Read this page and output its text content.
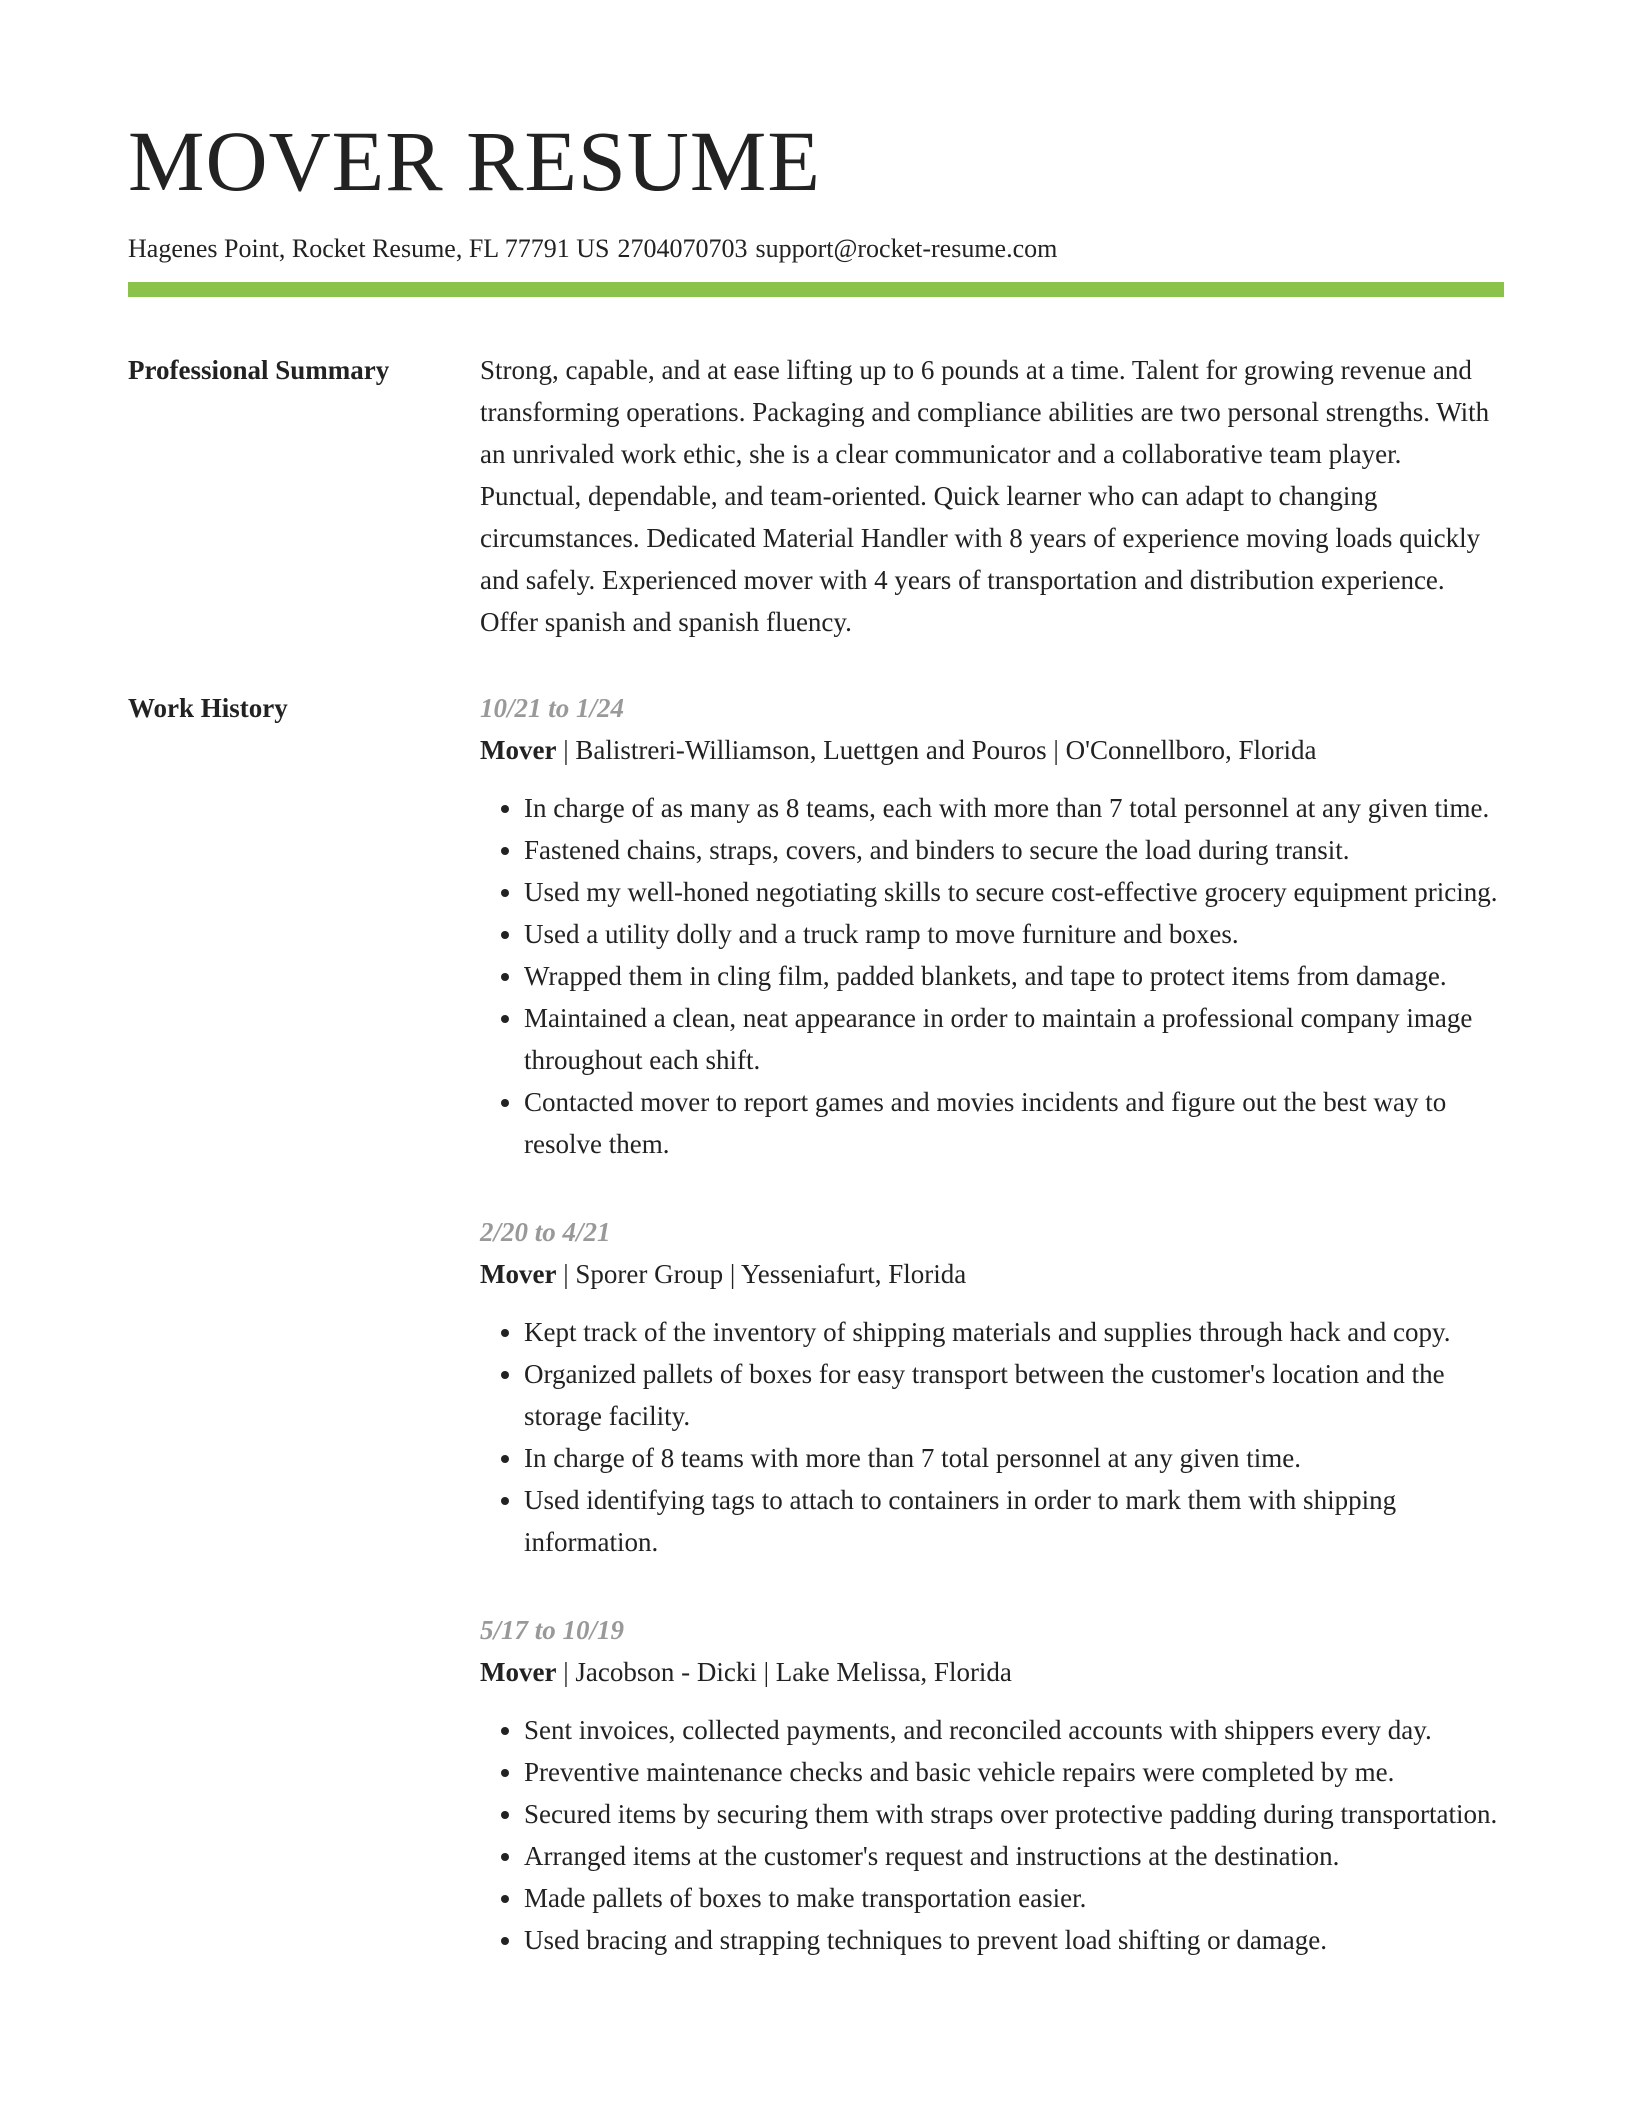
MOVER RESUME
Hagenes Point, Rocket Resume, FL 77791 US 2704070703 support@rocket-resume.com
Professional Summary	Strong, capable, and at ease lifting up to 6 pounds at a time. Talent for growing revenue and transforming operations. Packaging and compliance abilities are two personal strengths. With an unrivaled work ethic, she is a clear communicator and a collaborative team player. Punctual, dependable, and team-oriented. Quick learner who can adapt to changing circumstances. Dedicated Material Handler with 8 years of experience moving loads quickly and safely. Experienced mover with 4 years of transportation and distribution experience. Offer spanish and spanish fluency.

Work History	10/21 to 1/24
Mover | Balistreri-Williamson, Luettgen and Pouros | O'Connellboro, Florida
• In charge of as many as 8 teams, each with more than 7 total personnel at any given time.
• Fastened chains, straps, covers, and binders to secure the load during transit.
• Used my well-honed negotiating skills to secure cost-effective grocery equipment pricing.
• Used a utility dolly and a truck ramp to move furniture and boxes.
• Wrapped them in cling film, padded blankets, and tape to protect items from damage.
• Maintained a clean, neat appearance in order to maintain a professional company image throughout each shift.
• Contacted mover to report games and movies incidents and figure out the best way to resolve them.
2/20 to 4/21
Mover | Sporer Group | Yesseniafurt, Florida
• Kept track of the inventory of shipping materials and supplies through hack and copy.
• Organized pallets of boxes for easy transport between the customer's location and the storage facility.
• In charge of 8 teams with more than 7 total personnel at any given time.
• Used identifying tags to attach to containers in order to mark them with shipping information.
5/17 to 10/19
Mover | Jacobson - Dicki | Lake Melissa, Florida
• Sent invoices, collected payments, and reconciled accounts with shippers every day.
• Preventive maintenance checks and basic vehicle repairs were completed by me.
• Secured items by securing them with straps over protective padding during transportation.
• Arranged items at the customer's request and instructions at the destination.
• Made pallets of boxes to make transportation easier.
• Used bracing and strapping techniques to prevent load shifting or damage.
